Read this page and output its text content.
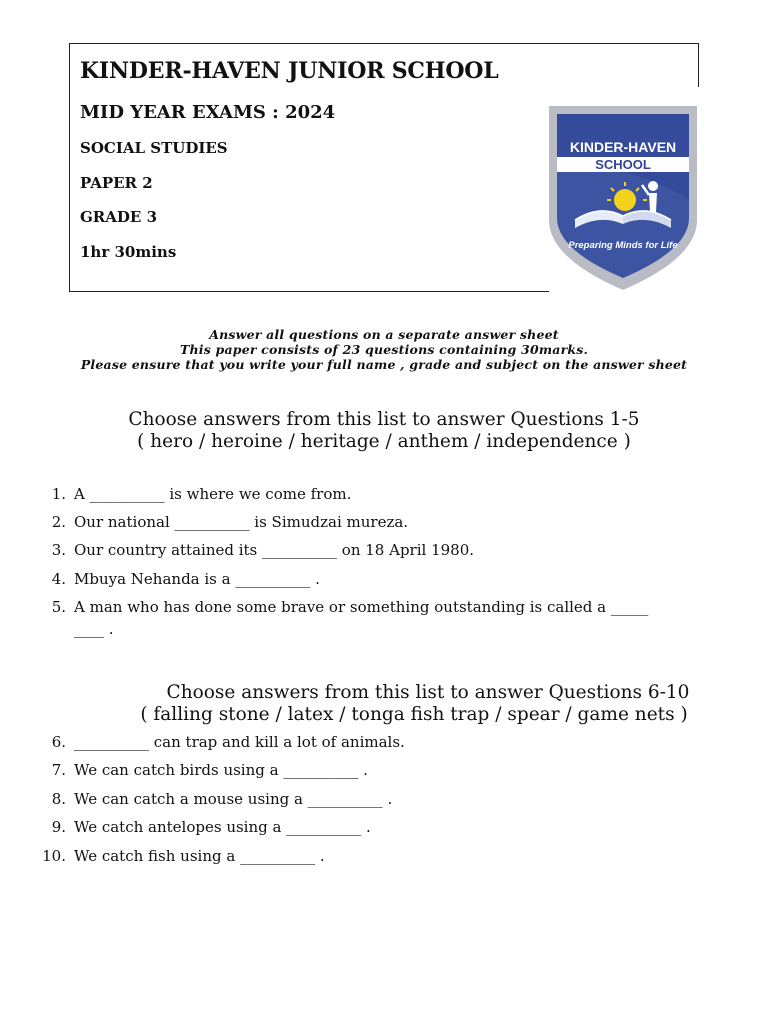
KINDER-HAVEN JUNIOR SCHOOL
MID YEAR EXAMS : 2024
SOCIAL STUDIES
PAPER 2
GRADE 3
1hr 30mins
KINDER-HAVEN
SCHOOL
Preparing Minds for Life
Answer all questions on a separate answer sheet
This paper consists of 23 questions containing 30marks.
Please ensure that you write your full name , grade and subject on the answer sheet
Choose answers from this list to answer Questions 1-5
( hero / heroine / heritage / anthem / independence )
1. A __________ is where we come from.
2. Our national __________ is Simudzai mureza.
3. Our country attained its __________ on 18 April 1980.
4. Mbuya Nehanda is a __________ .
5. A man who has done some brave or something outstanding is called a _____
____ .
Choose answers from this list to answer Questions 6-10
( falling stone / latex / tonga fish trap / spear / game nets )
6. __________ can trap and kill a lot of animals.
7. We can catch birds using a __________ .
8. We can catch a mouse using a __________ .
9. We catch antelopes using a __________ .
10. We catch fish using a __________ .
